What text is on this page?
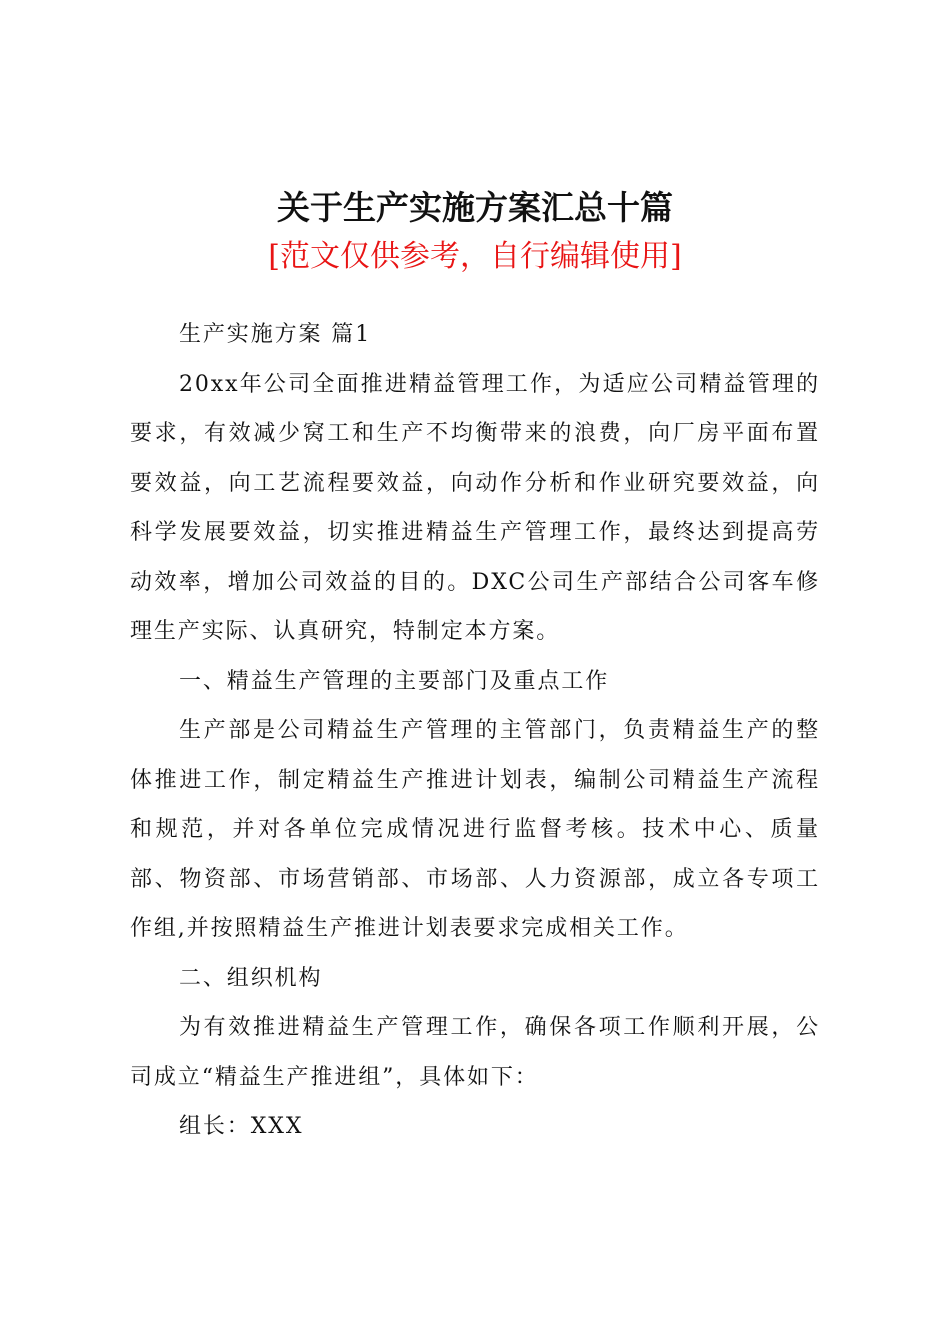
关于生产实施方案汇总十篇
[范文仅供参考，自行编辑使用]

生产实施方案 篇1

20xx年公司全面推进精益管理工作，为适应公司精益管理的要求，有效减少窝工和生产不均衡带来的浪费，向厂房平面布置要效益，向工艺流程要效益，向动作分析和作业研究要效益，向科学发展要效益，切实推进精益生产管理工作，最终达到提高劳动效率，增加公司效益的目的。DXC公司生产部结合公司客车修理生产实际、认真研究，特制定本方案。

一、精益生产管理的主要部门及重点工作

生产部是公司精益生产管理的主管部门，负责精益生产的整体推进工作，制定精益生产推进计划表，编制公司精益生产流程和规范，并对各单位完成情况进行监督考核。技术中心、质量部、物资部、市场营销部、市场部、人力资源部，成立各专项工作组,并按照精益生产推进计划表要求完成相关工作。

二、组织机构

为有效推进精益生产管理工作，确保各项工作顺利开展，公司成立“精益生产推进组”，具体如下：

组长：XXX
